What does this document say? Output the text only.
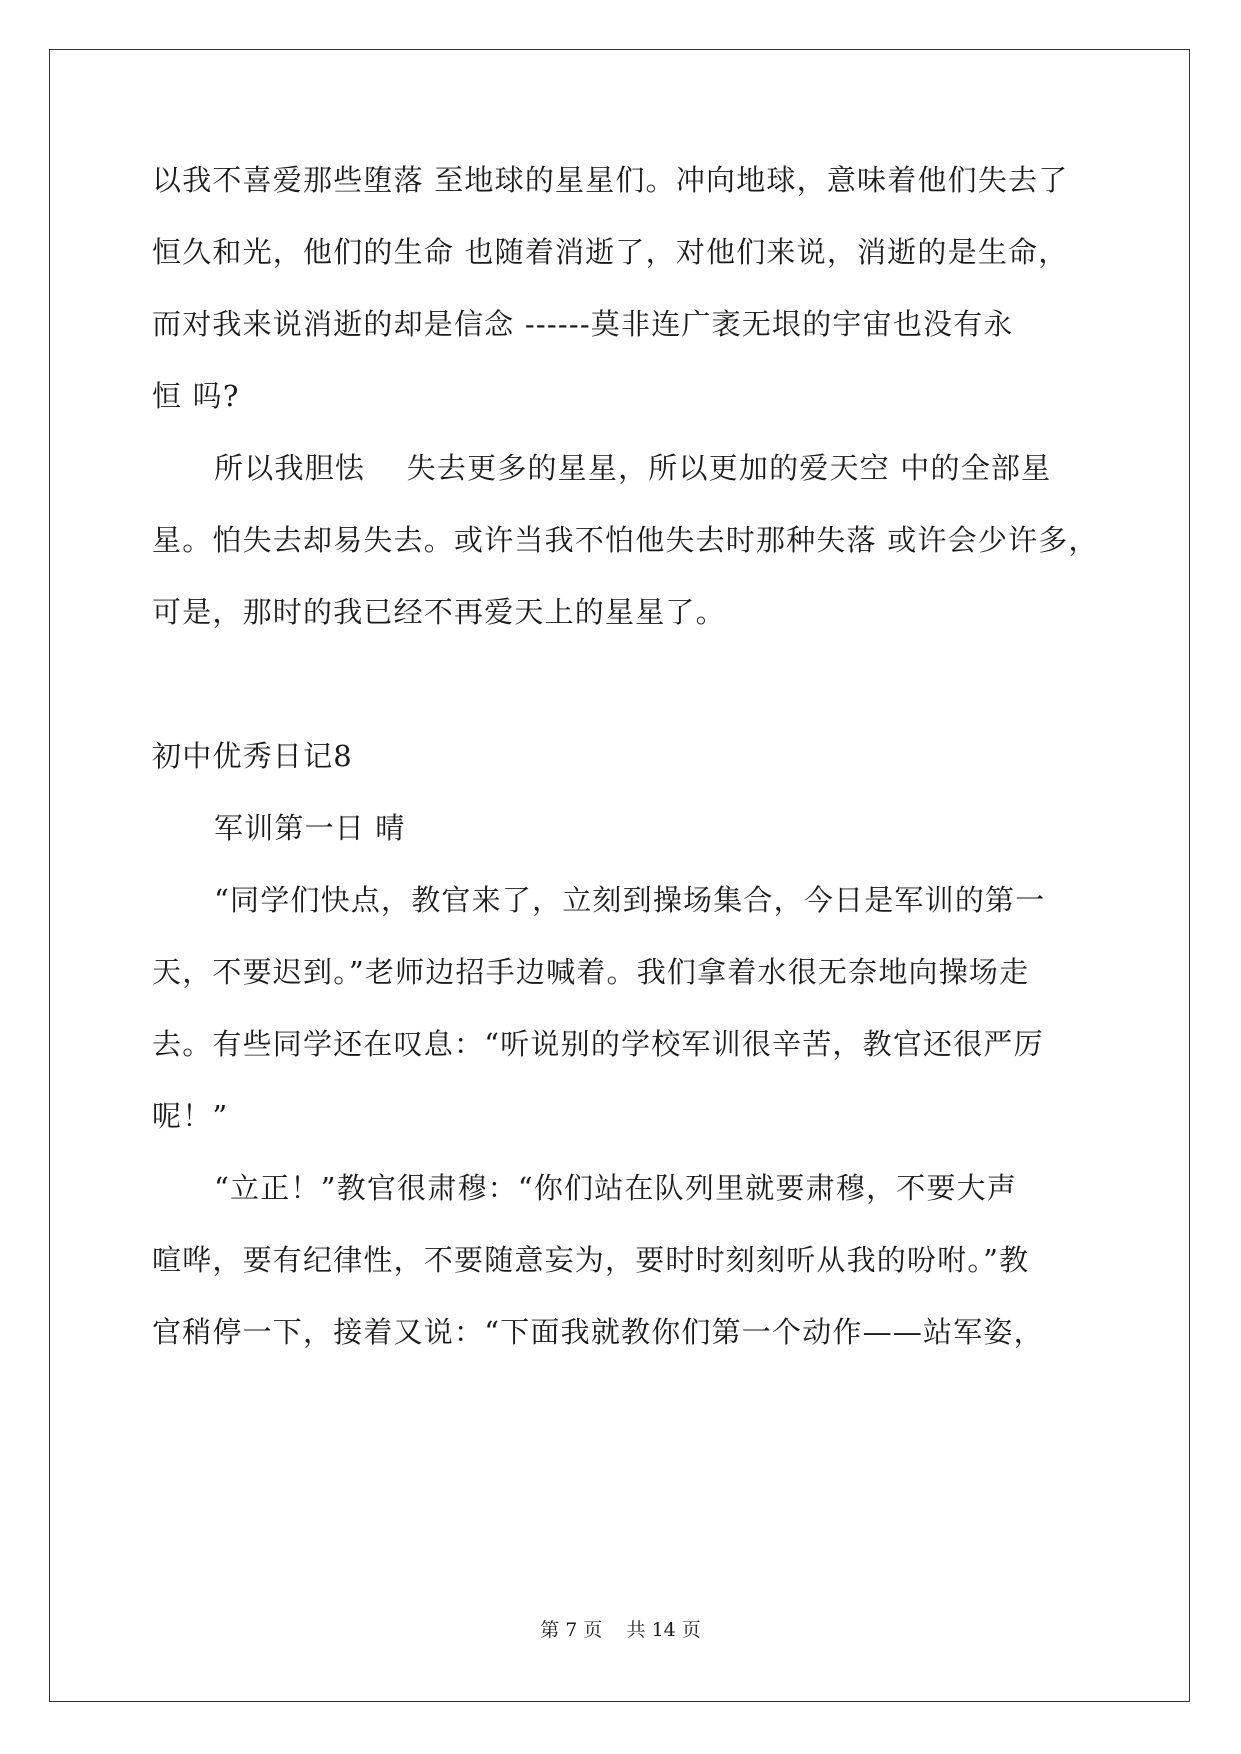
以我不喜爱那些堕落 至地球的星星们。冲向地球，意味着他们失去了
恒久和光，他们的生命 也随着消逝了，对他们来说，消逝的是生命，
而对我来说消逝的却是信念 ------莫非连广袤无垠的宇宙也没有永
恒 吗?
所以我胆怯    失去更多的星星，所以更加的爱天空 中的全部星
星。怕失去却易失去。或许当我不怕他失去时那种失落 或许会少许多，
可是，那时的我已经不再爱天上的星星了。
初中优秀日记8
军训第一日 晴
“同学们快点，教官来了，立刻到操场集合，今日是军训的第一
天，不要迟到。”老师边招手边喊着。我们拿着水很无奈地向操场走
去。有些同学还在叹息：“听说别的学校军训很辛苦，教官还很严厉
呢！”
“立正！”教官很肃穆：“你们站在队列里就要肃穆，不要大声
喧哗，要有纪律性，不要随意妄为，要时时刻刻听从我的吩咐。”教
官稍停一下，接着又说：“下面我就教你们第一个动作——站军姿，
第 7 页    共 14 页
